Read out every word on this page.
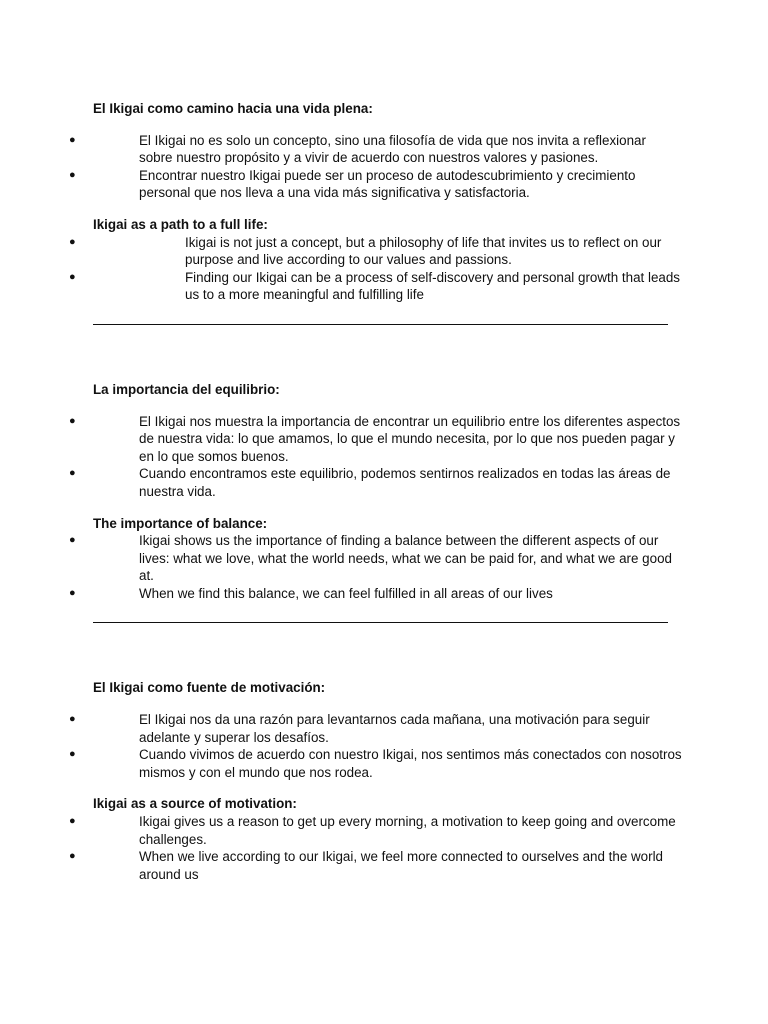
El Ikigai como camino hacia una vida plena:

● El Ikigai no es solo un concepto, sino una filosofía de vida que nos invita a reflexionar sobre nuestro propósito y a vivir de acuerdo con nuestros valores y pasiones.
● Encontrar nuestro Ikigai puede ser un proceso de autodescubrimiento y crecimiento personal que nos lleva a una vida más significativa y satisfactoria.

Ikigai as a path to a full life:

● Ikigai is not just a concept, but a philosophy of life that invites us to reflect on our purpose and live according to our values and passions.
● Finding our Ikigai can be a process of self-discovery and personal growth that leads us to a more meaningful and fulfilling life

La importancia del equilibrio:

● El Ikigai nos muestra la importancia de encontrar un equilibrio entre los diferentes aspectos de nuestra vida: lo que amamos, lo que el mundo necesita, por lo que nos pueden pagar y en lo que somos buenos.
● Cuando encontramos este equilibrio, podemos sentirnos realizados en todas las áreas de nuestra vida.

The importance of balance:

● Ikigai shows us the importance of finding a balance between the different aspects of our lives: what we love, what the world needs, what we can be paid for, and what we are good at.
● When we find this balance, we can feel fulfilled in all areas of our lives

El Ikigai como fuente de motivación:

● El Ikigai nos da una razón para levantarnos cada mañana, una motivación para seguir adelante y superar los desafíos.
● Cuando vivimos de acuerdo con nuestro Ikigai, nos sentimos más conectados con nosotros mismos y con el mundo que nos rodea.

Ikigai as a source of motivation:

● Ikigai gives us a reason to get up every morning, a motivation to keep going and overcome challenges.
● When we live according to our Ikigai, we feel more connected to ourselves and the world around us
